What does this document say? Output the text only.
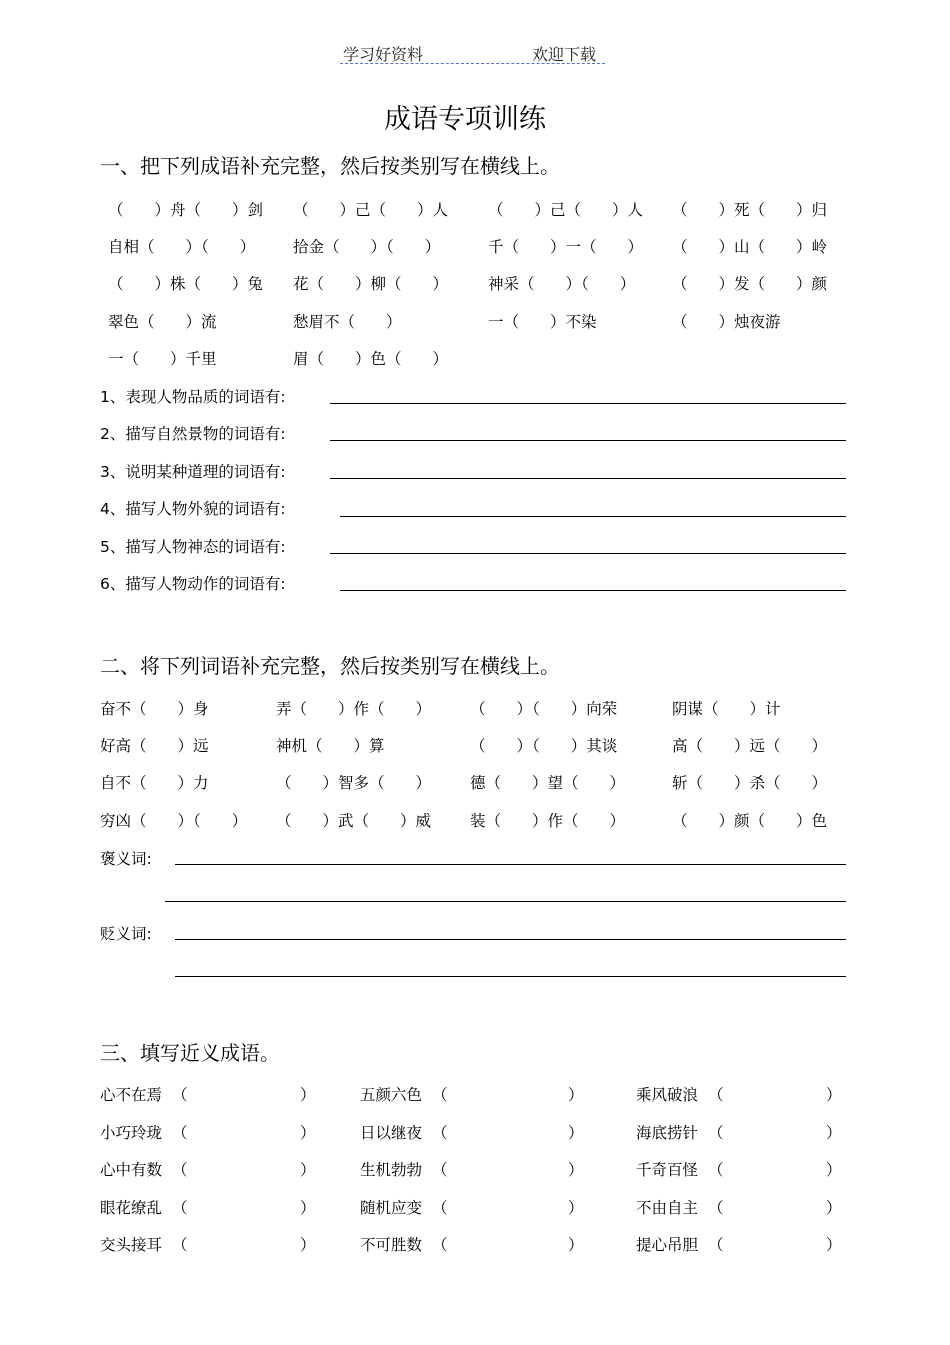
学习好资料	欢迎下载
成语专项训练
一、把下列成语补充完整，然后按类别写在横线上。
（　　）舟（　　）剑 （　　）己（　　）人	（　　）己（　　）人 （　　）死（　　）归
自相（　　）（　　） 拾金（　　）（　　）	千（　　）一（　　） （　　）山（　　）岭
（　　）株（　　）兔 花（　　）柳（　　）	神采（　　）（　　） （　　）发（　　）颜
翠色（　　）流	愁眉不（　　）	一（　　）不染	（　　）烛夜游
一（　　）千里	眉（　　）色（　　）
1、表现人物品质的词语有:
2、描写自然景物的词语有:
3、说明某种道理的词语有:
4、描写人物外貌的词语有:
5、描写人物神态的词语有:
6、描写人物动作的词语有:
二、将下列词语补充完整，然后按类别写在横线上。
奋不（　　）身	弄（　　）作（　　）	（　　）（　　）向荣	阴谋（　　）计
好高（　　）远	神机（　　）算	（　　）（　　）其谈	高（　　）远（　　）
自不（　　）力	（　　）智多（　　）	德（　　）望（　　）	斩（　　）杀（　　）
穷凶（　　）（　　） （　　）武（　　）威	装（　　）作（　　）	（　　）颜（　　）色
褒义词:
贬义词:
三、填写近义成语。
心不在焉 （	）	五颜六色 （	）	乘风破浪 （	）
小巧玲珑 （	）	日以继夜 （	）	海底捞针 （	）
心中有数 （	）	生机勃勃 （	）	千奇百怪 （	）
眼花缭乱 （	）	随机应变 （	）	不由自主 （	）
交头接耳 （	）	不可胜数 （	）	提心吊胆 （	）
